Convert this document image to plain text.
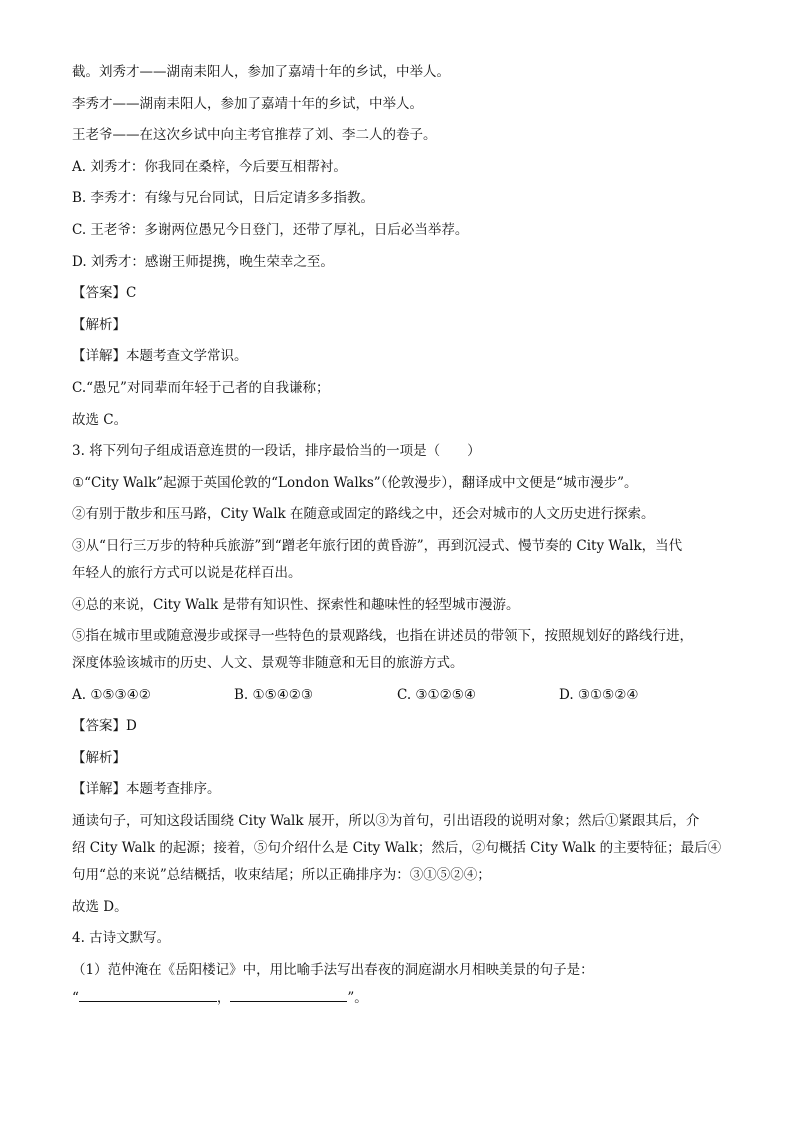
截。刘秀才——湖南耒阳人，参加了嘉靖十年的乡试，中举人。
李秀才——湖南耒阳人，参加了嘉靖十年的乡试，中举人。
王老爷——在这次乡试中向主考官推荐了刘、李二人的卷子。
A. 刘秀才：你我同在桑梓，今后要互相帮衬。
B. 李秀才：有缘与兄台同试，日后定请多多指教。
C. 王老爷：多谢两位愚兄今日登门，还带了厚礼，日后必当举荐。
D. 刘秀才：感谢王师提携，晚生荣幸之至。
【答案】C
【解析】
【详解】本题考查文学常识。
C.“愚兄”对同辈而年轻于己者的自我谦称；
故选 C。
3. 将下列句子组成语意连贯的一段话，排序最恰当的一项是（　　）
①“City Walk”起源于英国伦敦的“London Walks”（伦敦漫步），翻译成中文便是“城市漫步”。
②有别于散步和压马路，City Walk 在随意或固定的路线之中，还会对城市的人文历史进行探索。
③从“日行三万步的特种兵旅游”到“蹭老年旅行团的黄昏游”，再到沉浸式、慢节奏的 City Walk，当代
年轻人的旅行方式可以说是花样百出。
④总的来说，City Walk 是带有知识性、探索性和趣味性的轻型城市漫游。
⑤指在城市里或随意漫步或探寻一些特色的景观路线，也指在讲述员的带领下，按照规划好的路线行进，
深度体验该城市的历史、人文、景观等非随意和无目的旅游方式。
A. ①⑤③④②	B. ①⑤④②③	C. ③①②⑤④	D. ③①⑤②④
【答案】D
【解析】
【详解】本题考查排序。
通读句子，可知这段话围绕 City Walk 展开，所以③为首句，引出语段的说明对象；然后①紧跟其后，介
绍 City Walk 的起源；接着，⑤句介绍什么是 City Walk；然后，②句概括 City Walk 的主要特征；最后④
句用“总的来说”总结概括，收束结尾；所以正确排序为：③①⑤②④；
故选 D。
4. 古诗文默写。
（1）范仲淹在《岳阳楼记》中，用比喻手法写出春夜的洞庭湖水月相映美景的句子是：
“	，	”。
